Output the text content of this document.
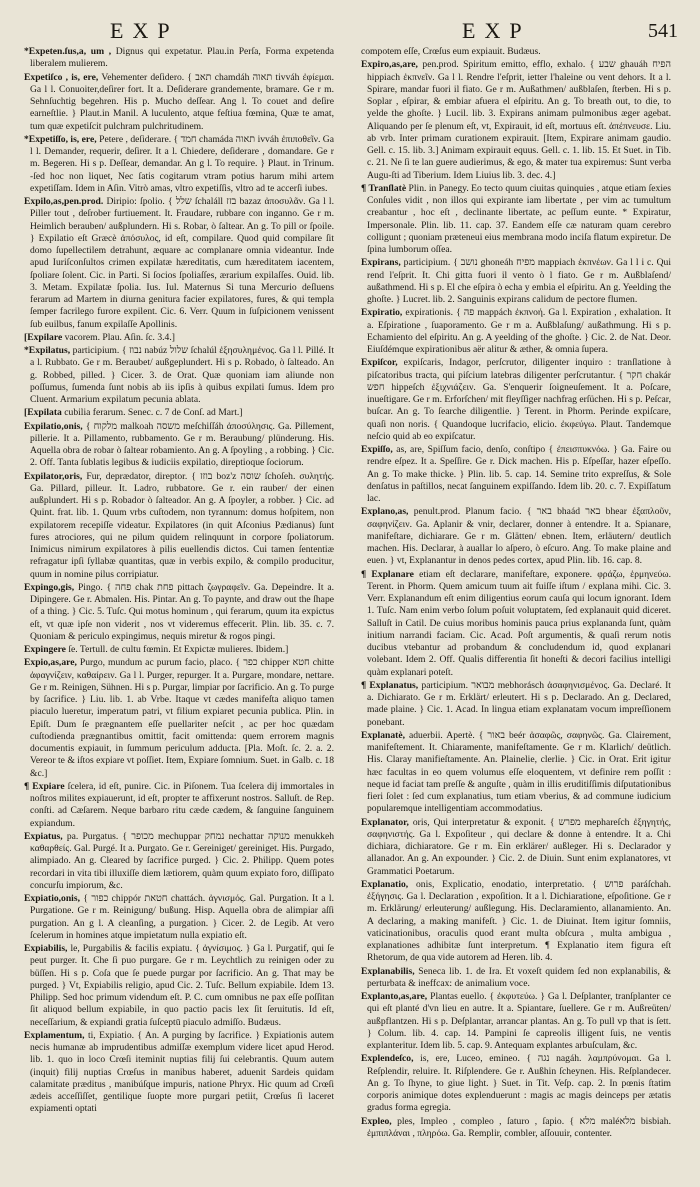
EXP	EXP	541

*Expeten.ſus,a, um , Dignus qui expetatur. Plau.in Perſa, Forma expetenda liberalem mulierem.

Expetiſco , is, ere, Vehementer deſidero. { תאב chamdáh תאוה tivváh ἐφίεμαι. Ga l l. Conuoiter,deſirer fort. It a. Deſiderare grandemente, bramare. Ge r m. Sehnſuchtig begehren. His p. Mucho deſſear. Ang l. To couet and deſire earneſtlie. } Plaut.in Manil. A luculento, atque feſtiua fœmina, Quæ te amat, tum quæ expetiſcit pulchram pulchritudinem.

*Expetiſſo, is, ere, Petere , deſiderare. { חמד chamáda תאוה ivváh ἐπιποθεῖν. Ga l l. Demander, requerir, deſirer. It a l. Chiedere, deſiderare , domandare. Ge r m. Begeren. Hi s p. Deſſear, demandar. An g l. To require. } Plaut. in Trinum. -ſed hoc non liquet, Nec ſatis cogitarum vtram potius harum mihi artem expetiſſam. Idem in Aſin. Vitrò amas, vltro expetiſſis, vltro ad te accerſi iubes.

Expilo,as,pen.prod. Diripio: ſpolio. { שלל ſchaláll בזז bazaz ἀποσυλᾶν. Ga l l. Piller tout , deſrober furtiuement. It. Fraudare, rubbare con inganno. Ge r m. Heimlich berauben/ außplundern. Hi s. Robar, ò ſaltear. An g. To pill or ſpoile. } Expilatio eſt Græcè ἀπόσυλος, id eſt, compilare. Quod quid compilare ſit domo ſupellectilem detrahunt, æquare ac complanare omnia videantur. Inde apud Iuriſconſultos crimen expilatæ hæreditatis, cum hæreditatem iacentem, ſpoliare ſolent. Cic. in Parti. Si ſocios ſpoliaſſes, ærarium expilaſſes. Ouid. lib. 3. Metam. Expilatæ ſpolia. Ius. Iul. Maternus Si tuna Mercurio deſluens ferarum ad Martem in diurna genitura facier expilatores, fures, & qui templa ſemper facrilego furore expilent. Cic. 6. Verr. Quum in ſuſpicionem venissent ſub euilbus, fanum expilaſſe Apollinis.

[Expilare vacorem. Plau. Aſin. ſc. 3.4.]

*Expilatus, participium. { נבוז nabúz שלול ſchalúl ἐξησυλημένος. Ga l l. Pillé. It a l. Rubbato. Ge r m. Beraubet/ außgeplundert. Hi s p. Robado, ò ſalteado. An g. Robbed, pilled. } Cicer. 3. de Orat. Quæ quoniam iam aliunde non poſſumus, ſumenda ſunt nobis ab iis ipſis à quibus expilati ſumus. Idem pro Cluent. Armarium expilatum pecunia ablata.

[Expilata cubilia ferarum. Senec. c. 7 de Conſ. ad Mart.]

Expilatio,onis, { מלקוח malkoah משסה meſchiſſáh ἀποσύλησις. Ga. Pillement, pillerie. It a. Pillamento, rubbamento. Ge r m. Beraubung/ plünderung. His. Aquella obra de robar ò ſaltear robamiento. An g. A ſpoyling , a robbing. } Cic. 2. Off. Tanta ſublatis legibus & iudiciis expilatio, direptioque ſociorum.

Expilator,oris, Fur, deprædator, direptor. { בוזז boz'z שוסה ſchoſeh. συλητής. Ga. Pillard, pilleur. It. Ladro, rubbatore. Ge r. ein rauber/ der einen außplundert. Hi s p. Robador ò ſalteador. An g. A ſpoyler, a robber. } Cic. ad Quint. frat. lib. 1. Quum vrbs cuſtodem, non tyrannum: domus hoſpitem, non expilatorem recepiſſe videatur. Expilatores (in quit Aſconius Pædianus) ſunt fures atrociores, qui ne pilum quidem relinquunt in corpore ſpoliatorum. Inimicus nimirum expilatores à pilis euellendis dictos. Cui tamen ſententiæ refragatur ipſi ſyllabæ quantitas, quæ in verbis expilo, & compilo producitur, quum in nomine pilus corripiatur.

Expingo,gis, Pingo. { פחה chak פחת pittach ζωγραφεῖν. Ga. Depeindre. It a. Dipingere. Ge r. Abmalen. His. Pintar. An g. To paynte, and draw out the ſhape of a thing. } Cic. 5. Tuſc. Qui motus hominum , qui ferarum, quum ita expictus eſt, vt quæ ipſe non viderit , nos vt videremus effecerit. Plin. lib. 35. c. 7. Quoniam & periculo expingimus, nequis miretur & rogos pingi.

Expingere ſe. Tertull. de cultu fœmin. Et Expictæ mulieres. Ibidem.]

Expio,as,are, Purgo, mundum ac purum facio, placo. { כפר chipper חטא chitte ἀφαγνίζειν, καθαίρειν. Ga l l. Purger, repurger. It a. Purgare, mondare, nettare. Ge r m. Reinigen, Sühnen. Hi s p. Purgar, limpiar por ſacrificio. An g. To purge by ſacrifice. } Liu. lib. 1. ab Vrbe. Itaque vt cædes manifeſta aliquo tamen piaculo lueretur, imperatum patri, vt filium expiaret pecunia publica. Plin. in Epiſt. Dum ſe prægnantem eſſe puellariter neſcit , ac per hoc quædam cuſtodienda prægnantibus omittit, facit omittenda: quem errorem magnis documentis expiauit, in ſummum periculum adducta. [Pla. Moſt. ſc. 2. a. 2. Vereor te & iſtos expiare vt poſſiet. Item, Expiare ſomnium. Suet. in Galb. c. 18 &c.]

¶ Expiare ſcelera, id eſt, punire. Cic. in Piſonem. Tua ſcelera dij immortales in noſtros milites expiauerunt, id eſt, propter te affixerunt nostros. Salluſt. de Rep. conſti. ad Cæſarem. Neque barbaro ritu cæde cædem, & ſanguine ſanguinem expiandum.

Expiatus, pa. Purgatus. { מכופר mechuppar נמחק nechattar מנוקה menukkeh καθαρθείς. Gal. Purgé. It a. Purgato. Ge r. Gereiniget/ gereiniget. His. Purgado, alimpiado. An g. Cleared by ſacrifice purged. } Cic. 2. Philipp. Quem potes recordari in vita tibi illuxiſſe diem lætiorem, quàm quum expiato foro, diſſipato concurſu impiorum, &c.

Expiatio,onis, { כפור chippór חטאת chattách. ἀγνισμός. Gal. Purgation. It a l. Purgatione. Ge r m. Reinigung/ bußung. Hisp. Aquella obra de alimpiar aſſi purgation. An g l. A cleanſing, a purgation. } Cicer. 2. de Legib. At vero ſcelerum in homines atque impietatum nulla expiatio eſt.

Expiabilis, le, Purgabilis & facilis expiatu. { ἀγνίσιμος. } Ga l. Purgatif, qui ſe peut purger. It. Che ſi puo purgare. Ge r m. Leychtlich zu reinigen oder zu büſſen. Hi s p. Coſa que ſe puede purgar por ſacrificio. An g. That may be purged. } Vt, Expiabilis religio, apud Cic. 2. Tuſc. Bellum expiabile. Idem 13. Philipp. Sed hoc primum videndum eſt. P. C. cum omnibus ne pax eſſe poſſitan ſit aliquod bellum expiabile, in quo pactio pacis lex ſit ſeruitutis. Id eſt, neceſſarium, & expiandi gratia ſuſceptū piaculo admiſſo. Budæus.

Explamentum, ti, Expiatio. { An. A purging by ſacrifice. } Expiationis autem necis humanæ ab imprudentibus admiſſæ exemplum videre licet apud Herod. lib. 1. quo in loco Crœſi iteminit nuptias filij ſui celebrantis. Quum autem (inquit) filij nuptias Crœſus in manibus haberet, aduenit Sardeis quidam calamitate præditus , manibúſque impuris, natione Phryx. Hic quum ad Crœſi ædeis acceſſiſſet, gentilique ſuopte more purgari petiit, Crœſus ſi laceret expiamenti optati

compotem eſſe, Crœſus eum expiauit. Budæus.

Expiro,as,are, pen.prod. Spiritum emitto, efflo, exhalo. { שבע ghauáh הפיח hippiach ἐκπνεῖν. Ga l l. Rendre l'eſprit, ietter l'haleine ou vent dehors. It a l. Spirare, mandar fuori il fiato. Ge r m. Außathmen/ außblaſen, ſterben. Hi s p. Soplar , eſpirar, & embiar afuera el eſpiritu. An g. To breath out, to die, to yelde the ghoſte. } Lucil. lib. 3. Expirans animam pulmonibus æger agebat. Aliquando per ſe plenum eſt, vt, Expirauit, id eſt, mortuus eſt. ἀπέπνευσε. Liu. ab vrb. Inter primam curationem expirauit. [Item, Expirare animam gaudio. Gell. c. 15. lib. 3.] Animam expirauit equus. Gell. c. 1. lib. 15. Et Suet. in Tib. c. 21. Ne ſi te lan guere audierimus, & ego, & mater tua expiremus: Sunt verba Augu-ſti ad Tiberium. Idem Liuius lib. 3. dec. 4.]

¶ Tranſlatè Plin. in Panegy. Eo tecto quum ciuitas quinquies , atque etiam ſexies Conſules vidit , non illos qui expirante iam libertate , per vim ac tumultum creabantur , hoc eſt , declinante libertate, ac peſſum eunte. * Expiratur, Impersonale. Plin. lib. 11. cap. 37. Eandem eſſe cæ naturam quam cerebro colligunt ; quoniam præteneui eius membrana modo inciſa flatum expiretur. De ſpina lumborum oſſea.

Expirans, participium. { נושב ghoneáh מפיח mappiach ἐκπνέων. Ga l l i c. Qui rend l'eſprit. It. Chi gitta fuori il vento ò l fiato. Ge r m. Außblaſend/ außathmend. Hi s p. El che eſpira ò echa y embia el eſpiritu. An g. Yeelding the ghoſte. } Lucret. lib. 2. Sanguinis expirans calidum de pectore flumen.

Expiratio, expirationis. { פה mappách ἐκπνοή. Ga l. Expiration , exhalation. It a. Eſpiratione , ſuaporamento. Ge r m a. Außblaſung/ außathmung. Hi s p. Echamiento del eſpiritu. An g. A yeelding of the ghoſte. } Cic. 2. de Nat. Deor. Eiuſdémque expirationibus aër alitur & æther, & omnia ſupera.

Expiſcor, expiſcaris, Indagor, perſcrutor, diligenter inquiro : tranſlatione à piſcatoribus tracta, qui piſcium latebras diligenter perſcrutantur. { חקר chakár חפש hippeſch ἐξιχνιάζειν. Ga. S'enquerir ſoigneuſement. It a. Poſcare, inueſtigare. Ge r m. Erforſchen/ mit fleyſſiger nachfrag erſüchen. Hi s p. Peſcar, buſcar. An g. To ſearche diligentlie. } Terent. in Phorm. Perinde expiſcare, quaſi non noris. { Quandoque lucrifacio, elicio. ἐκφεύγω. Plaut. Tandemque neſcio quid ab eo expiſcatur.

Expiſſo, as, are, Spiſſum facio, denſo, conſtipo { ἐπεισπυκνόω. } Ga. Faire ou rendre eſpez. It a. Speſſire. Ge r. Dick machen. His p. Eſpeſſar, hazer eſpeſſo. An g. To make thicke. } Plin. lib. 5. cap. 14. Semine trito expreſſus, & Sole denſatus in paſtillos, necat ſanguinem expiſſando. Idem lib. 20. c. 7. Expiſſatum lac.

Explano,as, penult.prod. Planum facio. { באר bhaád באר bhear ἐξαπλοῦν, σαφηνίζειν. Ga. Aplanir & vnir, declarer, donner à entendre. It a. Spianare, manifeſtare, dichiarare. Ge r m. Glätten/ ebnen. Item, erläutern/ deutlich machen. His. Declarar, à auallar lo aſpero, ò eſcuro. Ang. To make plaine and euen. } vt, Explanantur in denos pedes cortex, apud Plin. lib. 16. cap. 8.

¶ Explanare etiam eſt declarare, manifeſtare, exponere. φράζω, ἑρμηνεύω. Terent. in Phorm. Quem amicum tuum ait fuiſſe iſtum / explana mihi. Cic. 3. Verr. Explanandum eſt enim diligentius eorum cauſa qui locum ignorant. Idem 1. Tuſc. Nam enim verbo ſolum poſuit voluptatem, ſed explanauit quid diceret. Salluſt in Catil. De cuius moribus hominis pauca prius explananda ſunt, quàm initium narrandi faciam. Cic. Acad. Poſt argumentis, & quaſi rerum notis ducibus vtebantur ad probandum & concludendum id, quod explanari volebant. Idem 2. Off. Qualis differentia ſit honeſti & decori facilius intelligi quàm explanari poteſt.

¶ Explanatus, participium. מבואר mebhorásch ἀσαφηνισμένος. Ga. Declaré. It a. Dichiarato. Ge r m. Erklärt/ erleutert. Hi s p. Declarado. An g. Declared, made plaine. } Cic. 1. Acad. In lingua etiam explanatam vocum impreſſionem ponebant.

Explanatè, aduerbii. Apertè. { באור beér ἀσαφῶς, σαφηνῶς. Ga. Clairement, manifeſtement. It. Chiaramente, manifeſtamente. Ge r m. Klarlich/ deütlich. His. Claray manifieſtamente. An. Plainelie, clerlie. } Cic. in Orat. Erit igitur hæc facultas in eo quem volumus eſſe eloquentem, vt definire rem poſſit : neque id faciat tam preſſe & anguſte , quàm in illis eruditiſſimis diſputationibus fieri ſolet : ſed cum explanatius, tum etiam vberius, & ad commune iudicium popularemque intelligentiam accommodatius.

Explanator, oris, Qui interpretatur & exponit. { מפרש mephareſch ἐξηγητής, σαφηνιστής. Ga l. Expoſiteur , qui declare & donne à entendre. It a. Chi dichiara, dichiaratore. Ge r m. Ein erklärer/ außleger. Hi s. Declarador y allanador. An g. An expounder. } Cic. 2. de Diuin. Sunt enim explanatores, vt Grammatici Poetarum.

Explanatio, onis, Explicatio, enodatio, interpretatio. { פרוש paráſchah. ἐξήγησις. Ga l. Declaration , expoſition. It a l. Dichiaratione, eſpoſitione. Ge r m. Erklärung/ erleuterung/ außlegung. His. Declaramiento, allanamiento. An. A declaring, a making manifeſt. } Cic. 1. de Diuinat. Item igitur ſomniis, vaticinationibus, oraculis quod erant multa obſcura , multa ambigua , explanationes adhibitæ ſunt interpretum. ¶ Explanatio item figura eſt Rhetorum, de qua vide autorem ad Heren. lib. 4.

Explanabilis, Seneca lib. 1. de Ira. Et voxeſt quidem ſed non explanabilis, & perturbata & ineffcax: de animalium voce.

Explanto,as,are, Plantas euello. { ἐκφυτεύω. } Ga l. Deſplanter, tranſplanter ce qui eſt planté d'vn lieu en autre. It a. Spiantare, ſuellere. Ge r m. Außreüten/ außpflantzen. Hi s p. Deſplantar, arrancar plantas. An g. To pull vp that is ſett. } Colum. lib. 4. cap. 14. Pampini ſe capreolis illigent ſuis, ne ventis explanteritur. Idem lib. 5. cap. 9. Antequam explantes arbuſculam, &c.

Explendeſco, is, ere, Luceo, emineo. { נגה nagáh. λαμπρύνομαι. Ga l. Reſplendir, reluire. It. Riſplendere. Ge r. Außhin ſcheynen. His. Reſplandecer. An g. To ſhyne, to giue light. } Suet. in Tit. Veſp. cap. 2. In pœnis ſtatim corporis animique dotes explenduerunt : magis ac magis deinceps per ætatis gradus forma egregia.

Expleo, ples, Impleo , compleo , ſaturo , ſapio. { מלא maléמלא bisbiah. ἐμπιπλάναι , πληρόω. Ga. Remplir, combler, aſſouuir, contenter.
